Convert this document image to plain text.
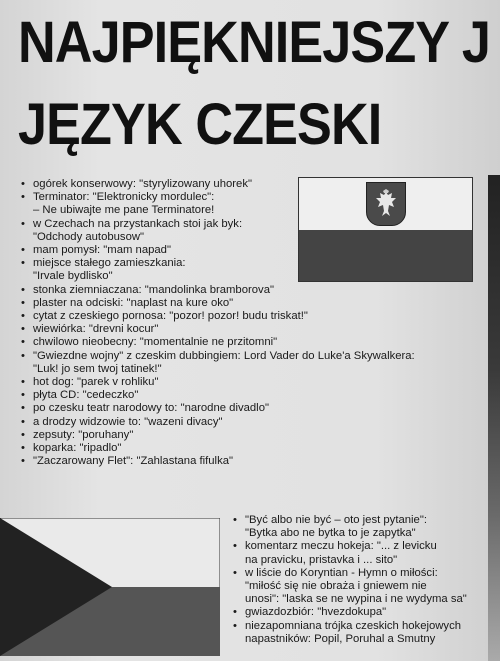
NAJPIĘKNIEJSZY J
JĘZYK CZESKI
• ogórek konserwowy: "styrylizowany uhorek"
• Terminator: "Elektronicky mordulec":
– Ne ubiwajte me pane Terminatore!
• w Czechach na przystankach stoi jak byk:
"Odchody autobusow"
• mam pomysł: "mam napad"
• miejsce stałego zamieszkania:
"Irvale bydlisko"
• stonka ziemniaczana: "mandolinka bramborova"
• plaster na odciski: "naplast na kure oko"
• cytat z czeskiego pornosa: "pozor! pozor! budu triskat!"
• wiewiórka: "drevni kocur"
• chwilowo nieobecny: "momentalnie ne przitomni"
• "Gwiezdne wojny" z czeskim dubbingiem: Lord Vader do Luke'a Skywalkera:
"Luk! jo sem twoj tatinek!"
• hot dog: "parek v rohliku"
• płyta CD: "cedeczko"
• po czesku teatr narodowy to: "narodne divadlo"
• a drodzy widzowie to: "wazeni divacy"
• zepsuty: "poruhany"
• koparka: "ripadlo"
• "Zaczarowany Flet": "Zahlastana fifulka"
• "Być albo nie być – oto jest pytanie":
"Bytka abo ne bytka to je zapytka"
• komentarz meczu hokeja: "... z levicku
na pravicku, pristavka i ... sito"
• w liście do Koryntian - Hymn o miłości:
"miłość się nie obraża i gniewem nie
unosi": "laska se ne wypina i ne wydyma sa"
• gwiazdozbiór: "hvezdokupa"
• niezapomniana trójka czeskich hokejowych
napastników: Popil, Poruhal a Smutny
